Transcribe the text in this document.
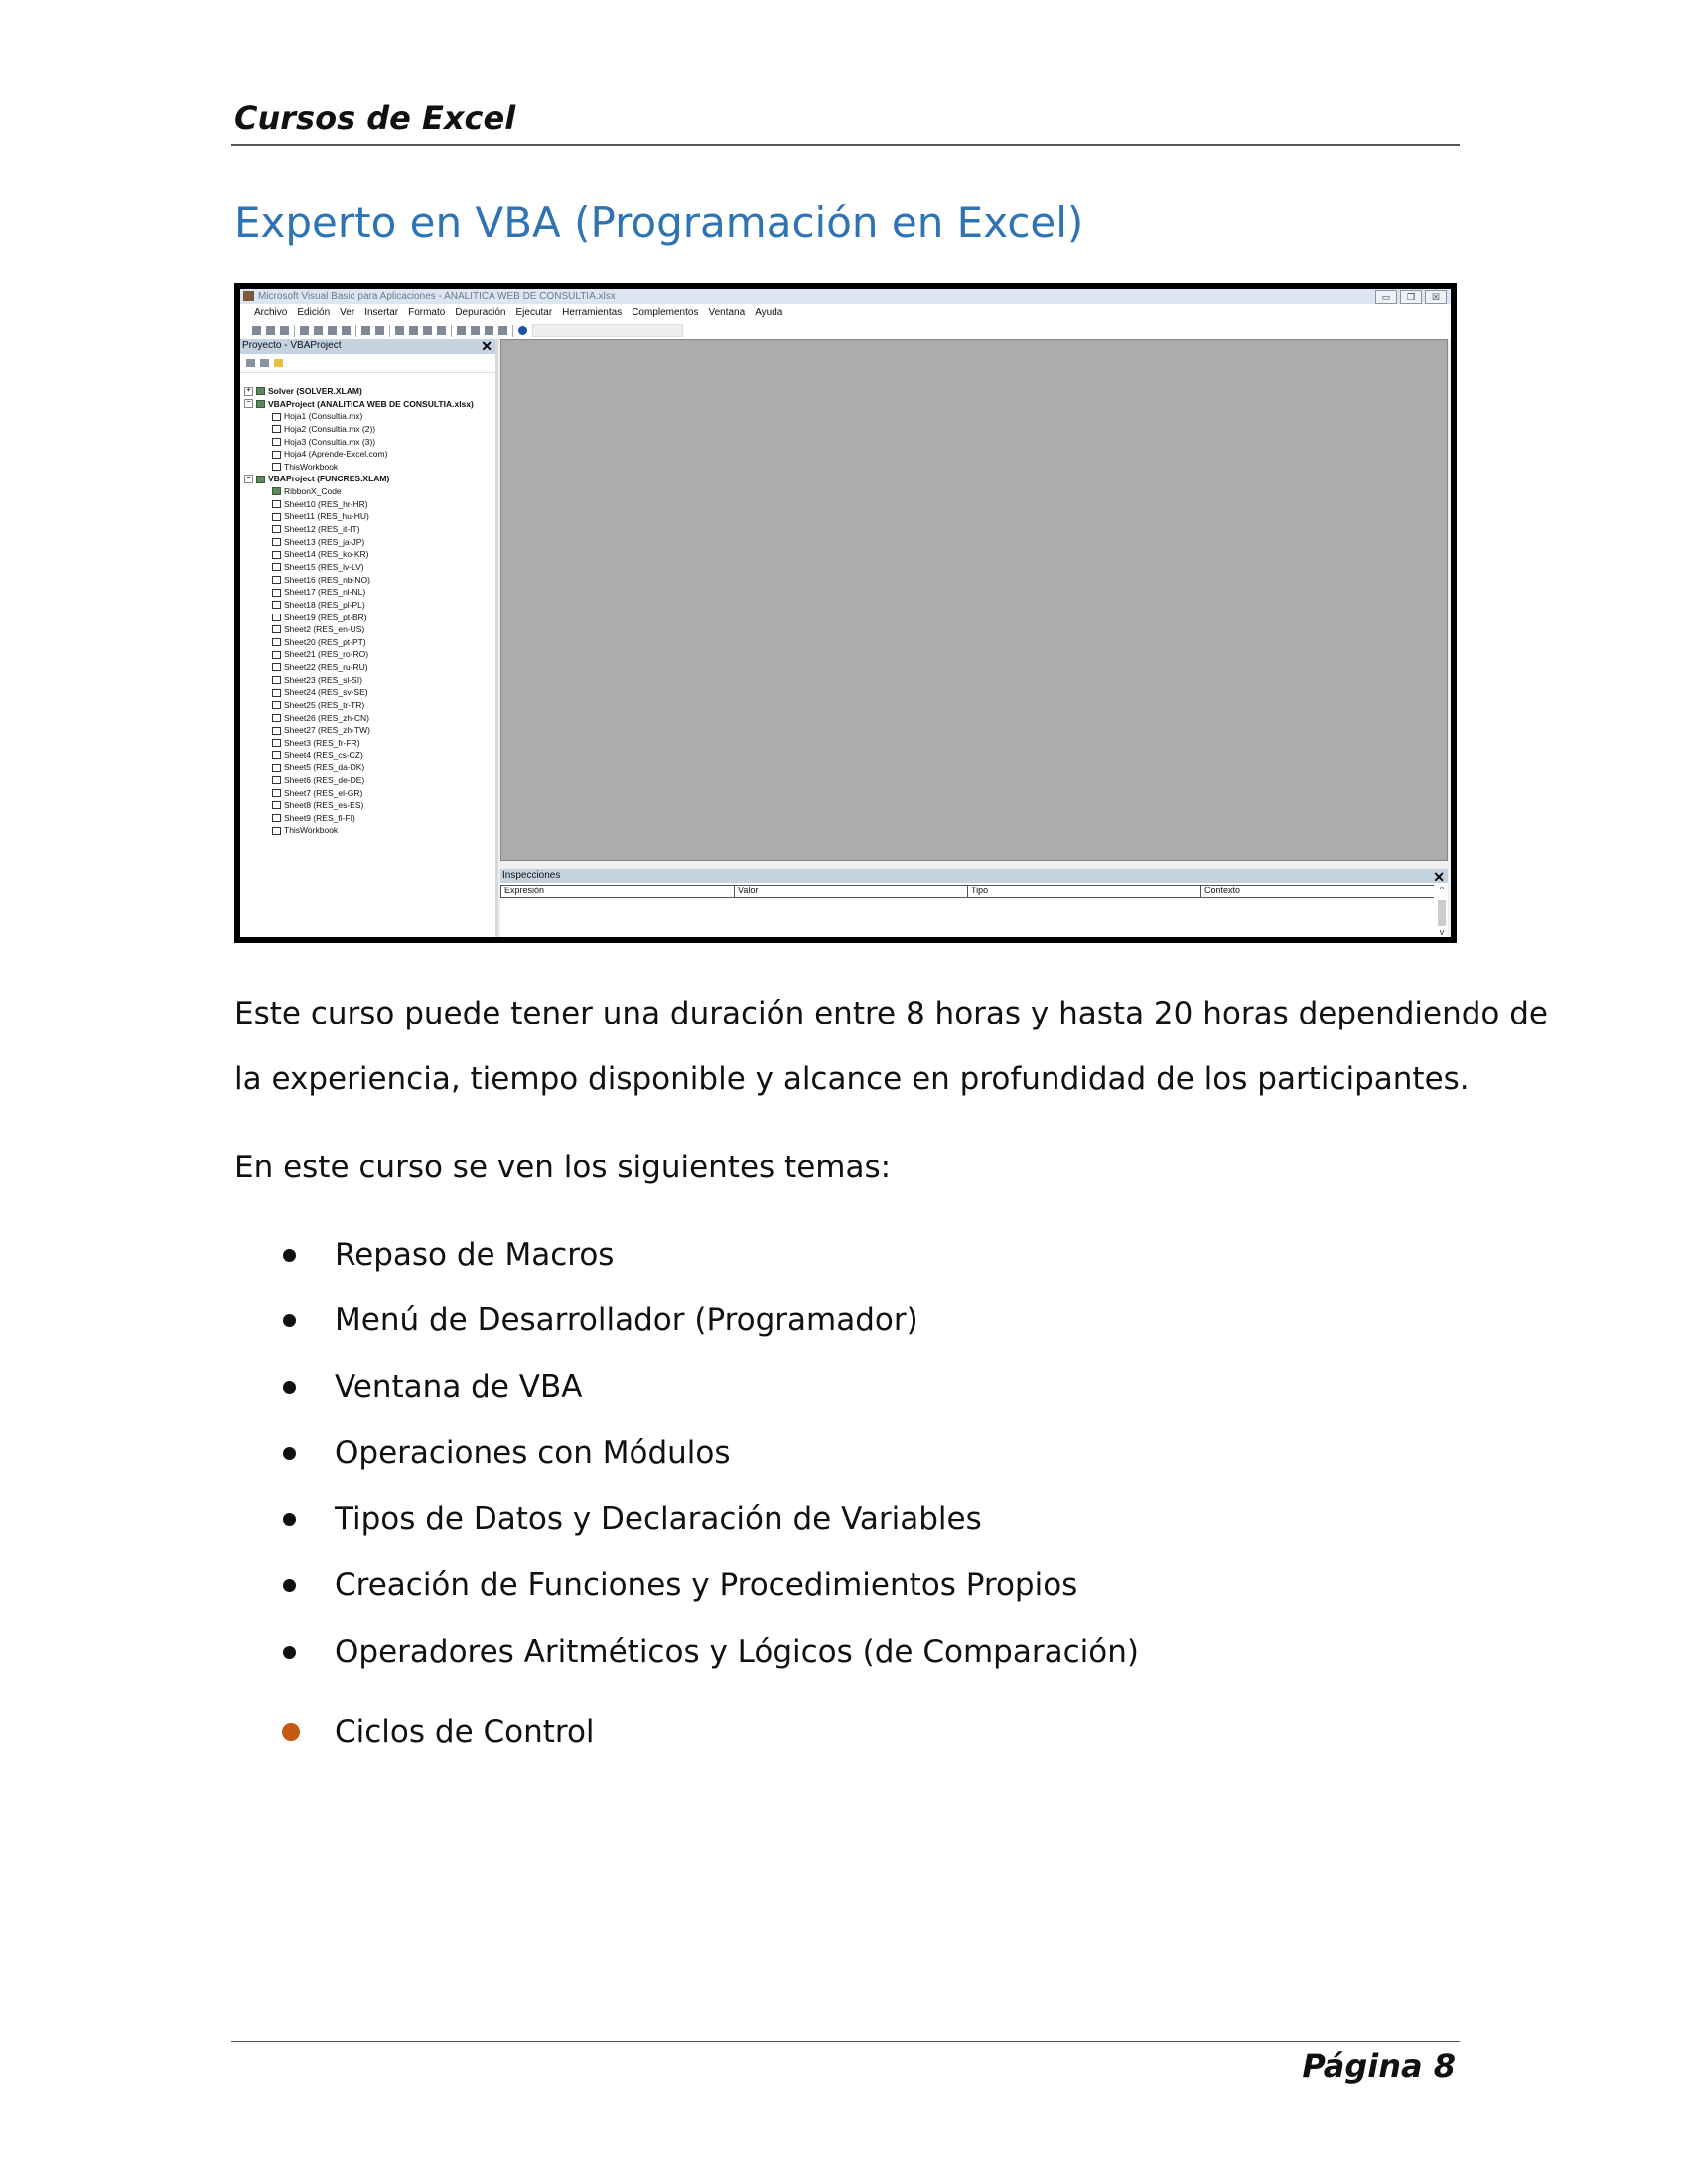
Cursos de Excel
Experto en VBA (Programación en Excel)
Microsoft Visual Basic para Aplicaciones - ANALITICA WEB DE CONSULTIA.xlsx	▭	❐	☒
Archivo Edición Ver Insertar Formato Depuración Ejecutar Herramientas Complementos Ventana Ayuda
Proyecto - VBAProject	✕
+ Solver (SOLVER.XLAM)
− VBAProject (ANALITICA WEB DE CONSULTIA.xlsx)
Hoja1 (Consultia.mx)
Hoja2 (Consultia.mx (2))
Hoja3 (Consultia.mx (3))
Hoja4 (Aprende-Excel.com)
ThisWorkbook
− VBAProject (FUNCRES.XLAM)
RibbonX_Code
Sheet10 (RES_hr-HR)
Sheet11 (RES_hu-HU)
Sheet12 (RES_it-IT)
Sheet13 (RES_ja-JP)
Sheet14 (RES_ko-KR)
Sheet15 (RES_lv-LV)
Sheet16 (RES_nb-NO)
Sheet17 (RES_nl-NL)
Sheet18 (RES_pl-PL)
Sheet19 (RES_pt-BR)
Sheet2 (RES_en-US)
Sheet20 (RES_pt-PT)
Sheet21 (RES_ro-RO)
Sheet22 (RES_ru-RU)
Sheet23 (RES_sl-SI)
Sheet24 (RES_sv-SE)
Sheet25 (RES_tr-TR)
Sheet26 (RES_zh-CN)
Sheet27 (RES_zh-TW)
Sheet3 (RES_fr-FR)
Sheet4 (RES_cs-CZ)
Sheet5 (RES_da-DK)
Sheet6 (RES_de-DE)
Sheet7 (RES_el-GR)
Sheet8 (RES_es-ES)
Sheet9 (RES_fi-FI)
ThisWorkbook
Inspecciones	✕
Expresión	Valor	Tipo	Contexto	^
v
Este curso puede tener una duración entre 8 horas y hasta 20 horas dependiendo de
la experiencia, tiempo disponible y alcance en profundidad de los participantes.
En este curso se ven los siguientes temas:
Repaso de Macros
Menú de Desarrollador (Programador)
Ventana de VBA
Operaciones con Módulos
Tipos de Datos y Declaración de Variables
Creación de Funciones y Procedimientos Propios
Operadores Aritméticos y Lógicos (de Comparación)
Ciclos de Control
Página 8
